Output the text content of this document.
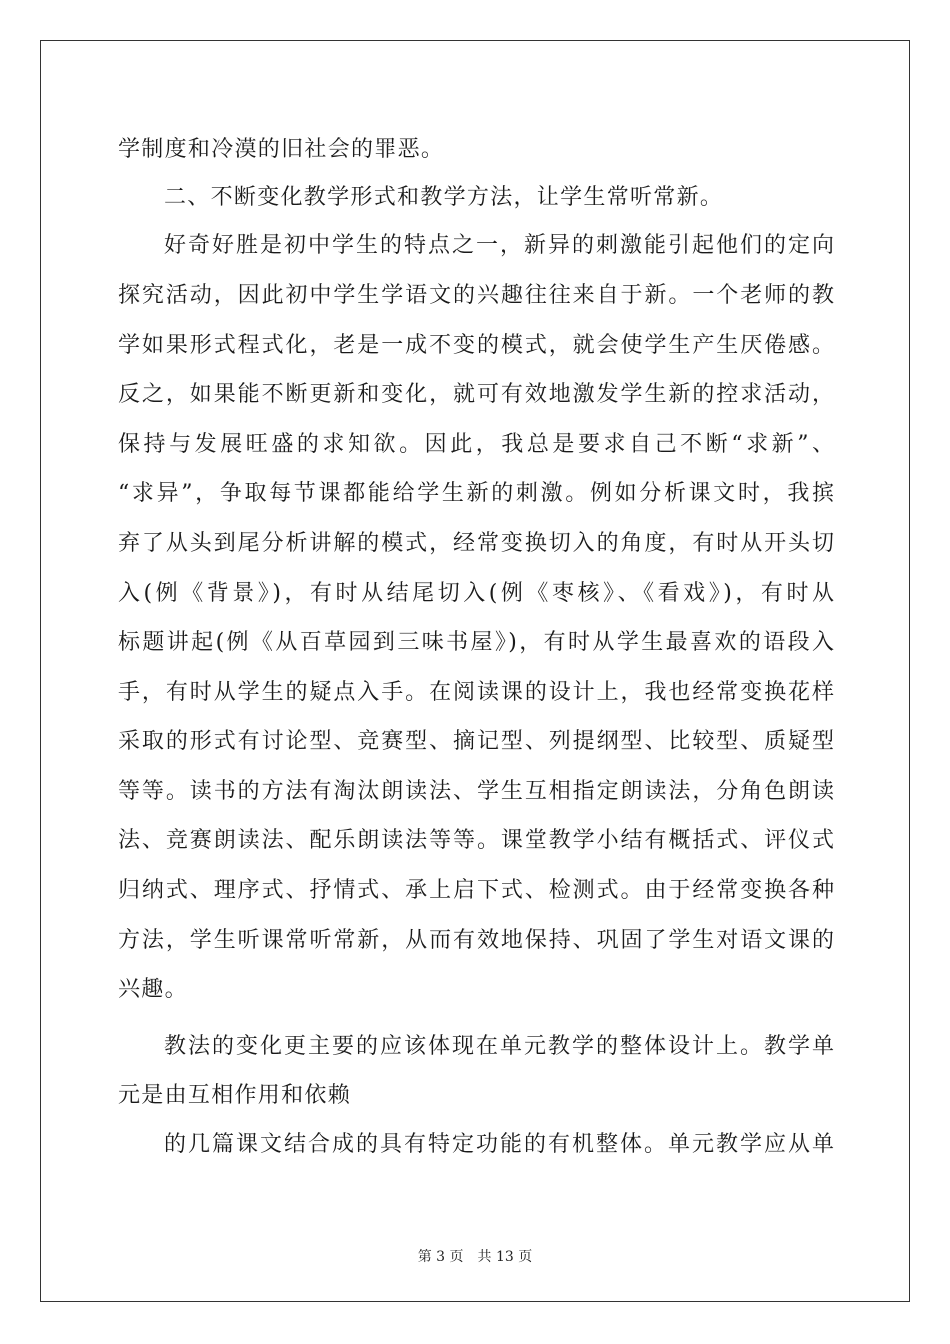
学制度和冷漠的旧社会的罪恶。
二、不断变化教学形式和教学方法，让学生常听常新。
好奇好胜是初中学生的特点之一，新异的刺激能引起他们的定向
探究活动，因此初中学生学语文的兴趣往往来自于新。一个老师的教
学如果形式程式化，老是一成不变的模式，就会使学生产生厌倦感。
反之，如果能不断更新和变化，就可有效地激发学生新的控求活动，
保持与发展旺盛的求知欲。因此，我总是要求自己不断“求新”、
“求异”，争取每节课都能给学生新的刺激。例如分析课文时，我摈
弃了从头到尾分析讲解的模式，经常变换切入的角度，有时从开头切
入(例《背景》)，有时从结尾切入(例《枣核》、《看戏》)，有时从
标题讲起(例《从百草园到三味书屋》)，有时从学生最喜欢的语段入
手，有时从学生的疑点入手。在阅读课的设计上，我也经常变换花样
采取的形式有讨论型、竞赛型、摘记型、列提纲型、比较型、质疑型
等等。读书的方法有淘汰朗读法、学生互相指定朗读法，分角色朗读
法、竞赛朗读法、配乐朗读法等等。课堂教学小结有概括式、评仪式
归纳式、理序式、抒情式、承上启下式、检测式。由于经常变换各种
方法，学生听课常听常新，从而有效地保持、巩固了学生对语文课的
兴趣。
教法的变化更主要的应该体现在单元教学的整体设计上。教学单
元是由互相作用和依赖
的几篇课文结合成的具有特定功能的有机整体。单元教学应从单
第 3 页 共 13 页
